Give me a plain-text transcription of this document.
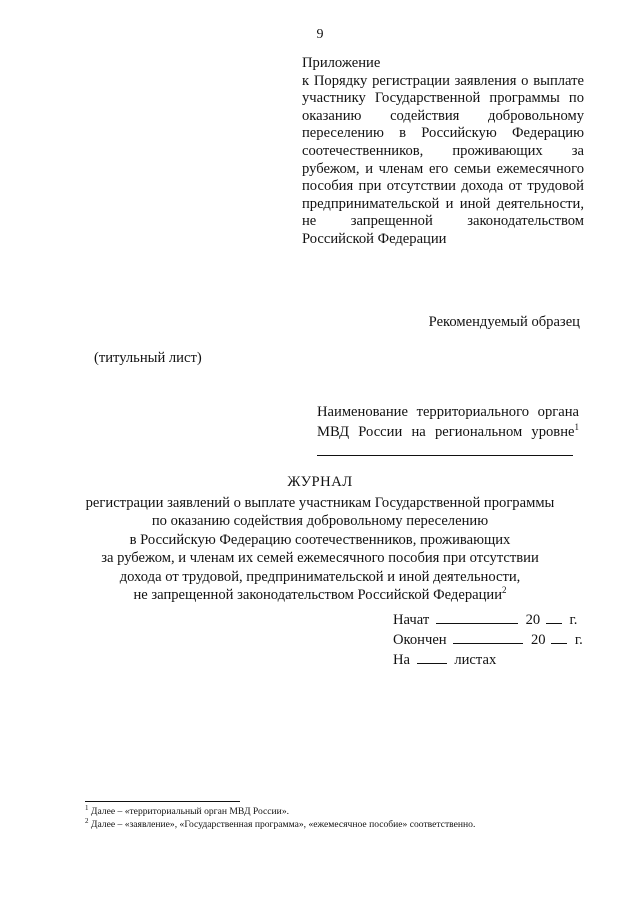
9
Приложение
к Порядку регистрации заявления о выплате участнику Государственной программы по оказанию содействия добровольному переселению в Российскую Федерацию соотечественников, проживающих за рубежом, и членам его семьи ежемесячного пособия при отсутствии дохода от трудовой предпринимательской и иной деятельности, не запрещенной законодательством Российской Федерации
Рекомендуемый образец
(титульный лист)
Наименование территориального органа
МВД России на региональном уровне$^1$
ЖУРНАЛ
регистрации заявлений о выплате участникам Государственной программы
по оказанию содействия добровольному переселению
в Российскую Федерацию соотечественников, проживающих
за рубежом, и членам их семей ежемесячного пособия при отсутствии
дохода от трудовой, предпринимательской и иной деятельности,
не запрещенной законодательством Российской Федерации$^2$
Начат	20 г.
Окончен	20 г.
На	листах
$^1$ Далее – «территориальный орган МВД России».
$^2$ Далее – «заявление», «Государственная программа», «ежемесячное пособие» соответственно.
